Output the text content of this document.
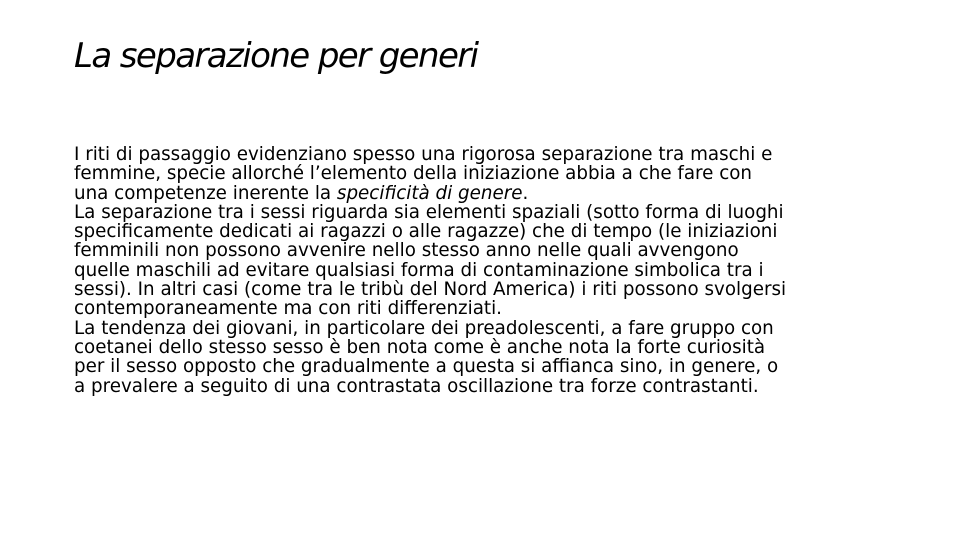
La separazione per generi

I riti di passaggio evidenziano spesso una rigorosa separazione tra maschi e
femmine, specie allorché l’elemento della iniziazione abbia a che fare con
una competenze inerente la specificità di genere.

La separazione tra i sessi riguarda sia elementi spaziali (sotto forma di luoghi
specificamente dedicati ai ragazzi o alle ragazze) che di tempo (le iniziazioni
femminili non possono avvenire nello stesso anno nelle quali avvengono
quelle maschili ad evitare qualsiasi forma di contaminazione simbolica tra i
sessi). In altri casi (come tra le tribù del Nord America) i riti possono svolgersi
contemporaneamente ma con riti differenziati.

La tendenza dei giovani, in particolare dei preadolescenti, a fare gruppo con
coetanei dello stesso sesso è ben nota come è anche nota la forte curiosità
per il sesso opposto che gradualmente a questa si affianca sino, in genere, o
a prevalere a seguito di una contrastata oscillazione tra forze contrastanti.
